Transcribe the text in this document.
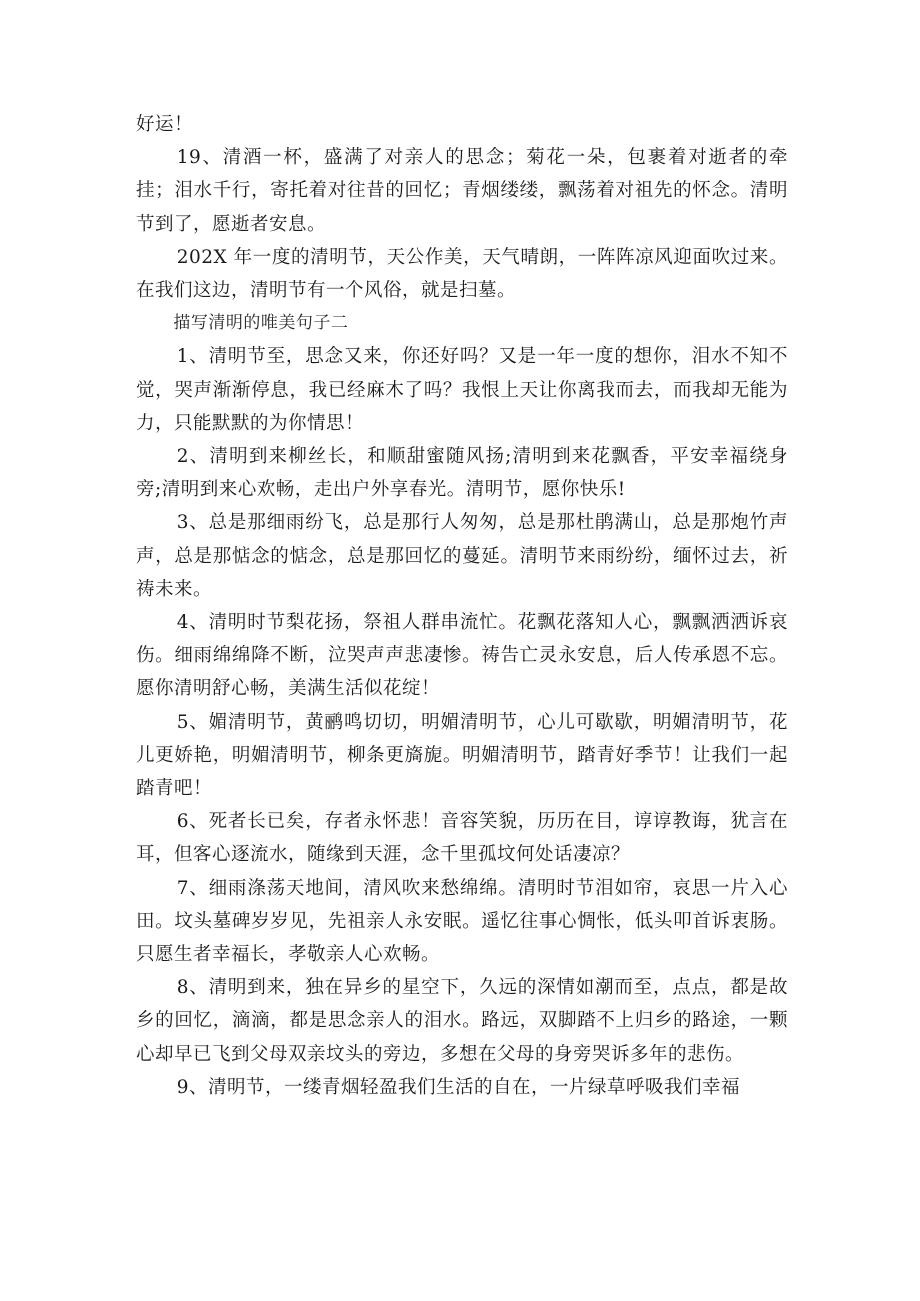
好运！

19、清酒一杯，盛满了对亲人的思念；菊花一朵，包裹着对逝者的牵挂；泪水千行，寄托着对往昔的回忆；青烟缕缕，飘荡着对祖先的怀念。清明节到了，愿逝者安息。

202X 年一度的清明节，天公作美，天气晴朗，一阵阵凉风迎面吹过来。在我们这边，清明节有一个风俗，就是扫墓。

描写清明的唯美句子二

1、清明节至，思念又来，你还好吗？又是一年一度的想你，泪水不知不觉，哭声渐渐停息，我已经麻木了吗？我恨上天让你离我而去，而我却无能为力，只能默默的为你情思！

2、清明到来柳丝长，和顺甜蜜随风扬;清明到来花飘香，平安幸福绕身旁;清明到来心欢畅，走出户外享春光。清明节，愿你快乐!

3、总是那细雨纷飞，总是那行人匆匆，总是那杜鹃满山，总是那炮竹声声，总是那惦念的惦念，总是那回忆的蔓延。清明节来雨纷纷，缅怀过去，祈祷未来。

4、清明时节梨花扬，祭祖人群串流忙。花飘花落知人心，飘飘洒洒诉哀伤。细雨绵绵降不断，泣哭声声悲凄惨。祷告亡灵永安息，后人传承恩不忘。愿你清明舒心畅，美满生活似花绽！

5、媚清明节，黄鹂鸣切切，明媚清明节，心儿可歇歇，明媚清明节，花儿更娇艳，明媚清明节，柳条更旖旎。明媚清明节，踏青好季节！让我们一起踏青吧！

6、死者长已矣，存者永怀悲！音容笑貌，历历在目，谆谆教诲，犹言在耳，但客心逐流水，随缘到天涯，念千里孤坟何处话凄凉？

7、细雨涤荡天地间，清风吹来愁绵绵。清明时节泪如帘，哀思一片入心田。坟头墓碑岁岁见，先祖亲人永安眠。遥忆往事心惆怅，低头叩首诉衷肠。只愿生者幸福长，孝敬亲人心欢畅。

8、清明到来，独在异乡的星空下，久远的深情如潮而至，点点，都是故乡的回忆，滴滴，都是思念亲人的泪水。路远，双脚踏不上归乡的路途，一颗心却早已飞到父母双亲坟头的旁边，多想在父母的身旁哭诉多年的悲伤。

9、清明节，一缕青烟轻盈我们生活的自在，一片绿草呼吸我们幸福
